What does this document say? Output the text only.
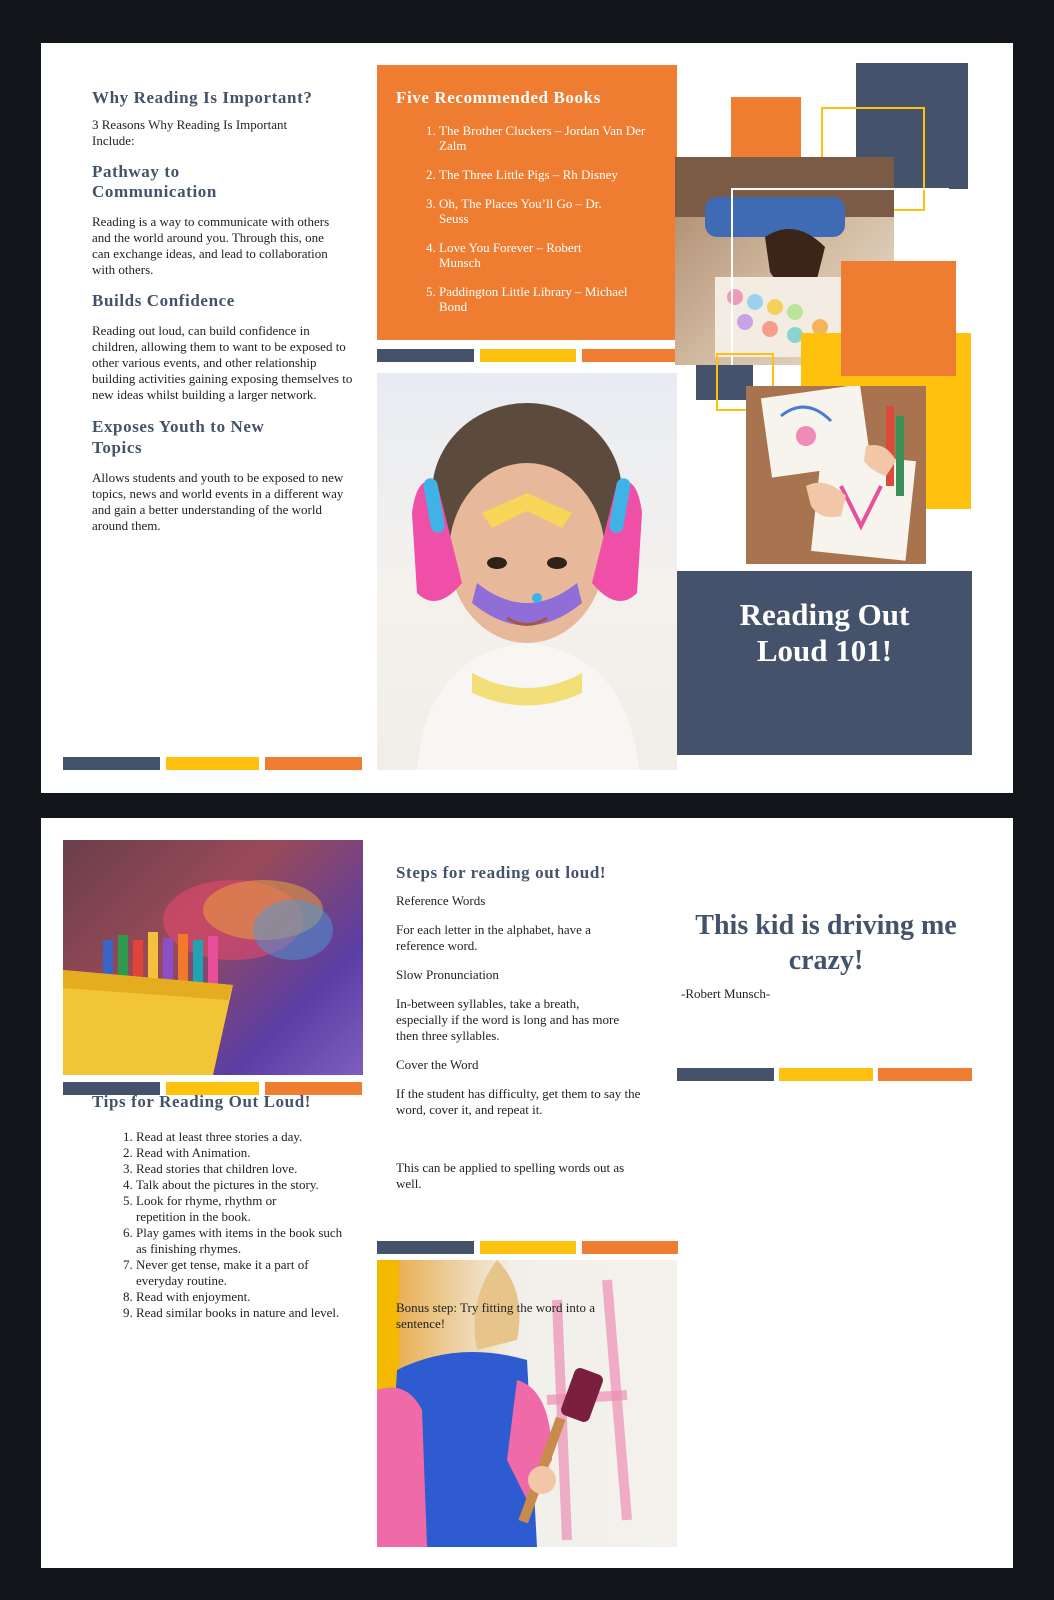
Why Reading Is Important?

3 Reasons Why Reading Is Important Include:

Pathway to Communication

Reading is a way to communicate with others and the world around you. Through this, one can exchange ideas, and lead to collaboration with others.

Builds Confidence

Reading out loud, can build confidence in children, allowing them to want to be exposed to other various events, and other relationship building activities gaining exposing themselves to new ideas whilst building a larger network.

Exposes Youth to New Topics

Allows students and youth to be exposed to new topics, news and world events in a different way and gain a better understanding of the world around them.

Five Recommended Books
1. The Brother Cluckers – Jordan Van Der Zalm
2. The Three Little Pigs – Rh Disney
3. Oh, The Places You’ll Go – Dr. Seuss
4. Love You Forever – Robert Munsch
5. Paddington Little Library – Michael Bond
Reading Out Loud 101!
Tips for Reading Out Loud!
1. Read at least three stories a day.
2. Read with Animation.
3. Read stories that children love.
4. Talk about the pictures in the story.
5. Look for rhyme, rhythm or repetition in the book.
6. Play games with items in the book such as finishing rhymes.
7. Never get tense, make it a part of everyday routine.
8. Read with enjoyment.
9. Read similar books in nature and level.
Steps for reading out loud!

Reference Words

For each letter in the alphabet, have a reference word.

Slow Pronunciation

In-between syllables, take a breath, especially if the word is long and has more then three syllables.

Cover the Word

If the student has difficulty, get them to say the word, cover it, and repeat it.

This can be applied to spelling words out as well.

Bonus step: Try fitting the word into a sentence!

This kid is driving me crazy!

-Robert Munsch-
